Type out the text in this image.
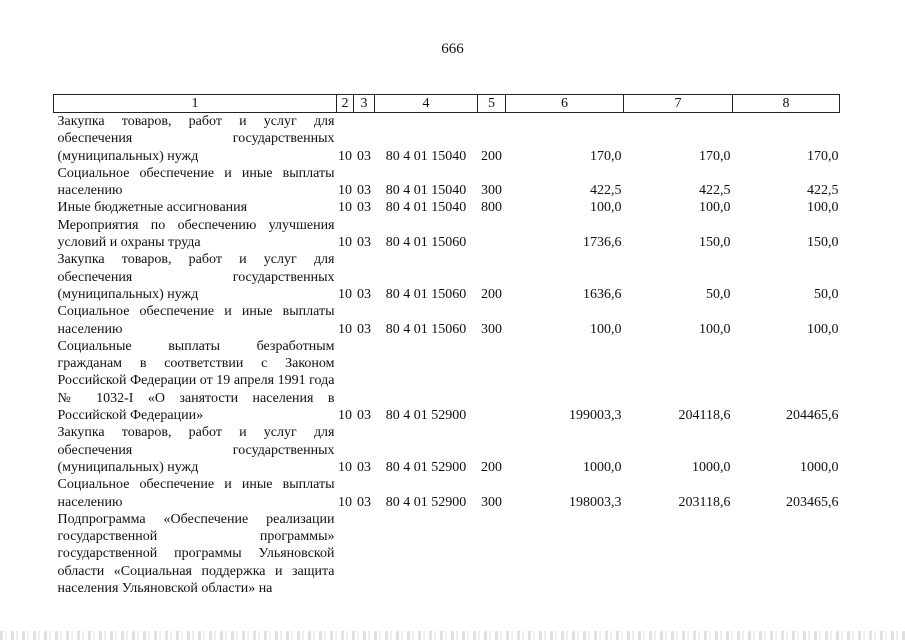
666
1	2	3	4	5	6	7	8
Закупка товаров, работ и услуг для обеспечения государственных (муниципальных) нужд	10	03	80 4 01 15040	200	170,0	170,0	170,0
Социальное обеспечение и иные выплаты населению	10	03	80 4 01 15040	300	422,5	422,5	422,5
Иные бюджетные ассигнования	10	03	80 4 01 15040	800	100,0	100,0	100,0
Мероприятия по обеспечению улучшения условий и охраны труда	10	03	80 4 01 15060		1736,6	150,0	150,0
Закупка товаров, работ и услуг для обеспечения государственных (муниципальных) нужд	10	03	80 4 01 15060	200	1636,6	50,0	50,0
Социальное обеспечение и иные выплаты населению	10	03	80 4 01 15060	300	100,0	100,0	100,0
Социальные выплаты безработным гражданам в соответствии с Законом Российской Федерации от 19 апреля 1991 года № 1032-I «О занятости населения в Российской Федерации»	10	03	80 4 01 52900		199003,3	204118,6	204465,6
Закупка товаров, работ и услуг для обеспечения государственных (муниципальных) нужд	10	03	80 4 01 52900	200	1000,0	1000,0	1000,0
Социальное обеспечение и иные выплаты населению	10	03	80 4 01 52900	300	198003,3	203118,6	203465,6
Подпрограмма «Обеспечение реализации государственной программы» государственной программы Ульяновской области «Социальная поддержка и защита населения Ульяновской области» на							
